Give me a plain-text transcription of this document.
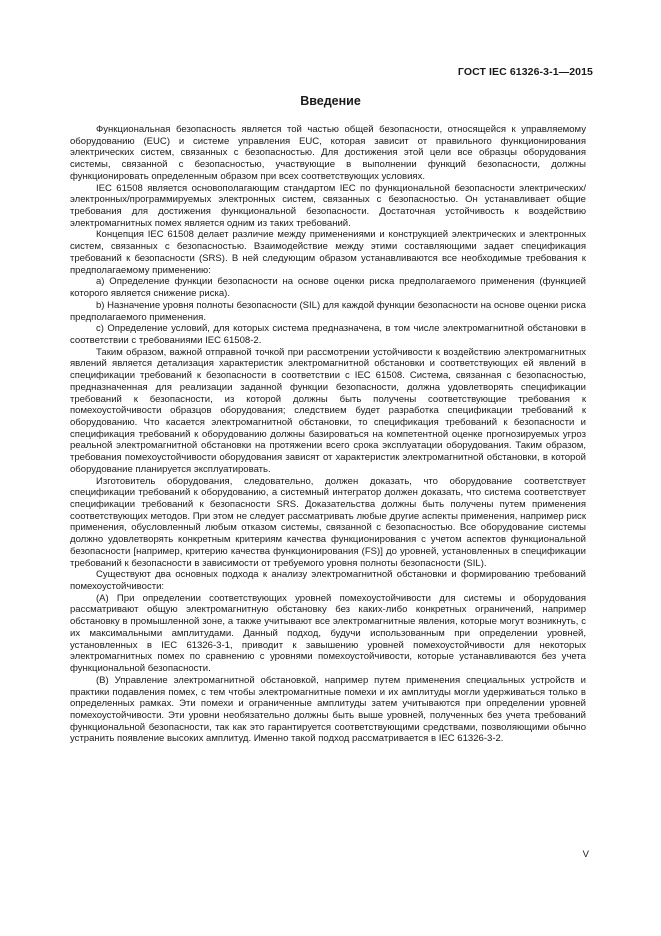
ГОСТ IEC 61326-3-1—2015
Введение

Функциональная безопасность является той частью общей безопасности, относящейся к управляемому оборудованию (EUC) и системе управления EUC, которая зависит от правильного функционирования электрических систем, связанных с безопасностью. Для достижения этой цели все образцы оборудования системы, связанной с безопасностью, участвующие в выполнении функций безопасности, должны функционировать определенным образом при всех соответствующих условиях.

IEC 61508 является основополагающим стандартом IEC по функциональной безопасности электрических/электронных/программируемых электронных систем, связанных с безопасностью. Он устанавливает общие требования для достижения функциональной безопасности. Достаточная устойчивость к воздействию электромагнитных помех является одним из таких требований.

Концепция IEC 61508 делает различие между применениями и конструкцией электрических и электронных систем, связанных с безопасностью. Взаимодействие между этими составляющими задает спецификация требований к безопасности (SRS). В ней следующим образом устанавливаются все необходимые требования к предполагаемому применению:

а) Определение функции безопасности на основе оценки риска предполагаемого применения (функцией которого является снижение риска).

b) Назначение уровня полноты безопасности (SIL) для каждой функции безопасности на основе оценки риска предполагаемого применения.

с) Определение условий, для которых система предназначена, в том числе электромагнитной обстановки в соответствии с требованиями IEC 61508-2.

Таким образом, важной отправной точкой при рассмотрении устойчивости к воздействию электромагнитных явлений является детализация характеристик электромагнитной обстановки и соответствующих ей явлений в спецификации требований к безопасности в соответствии с IEC 61508. Система, связанная с безопасностью, предназначенная для реализации заданной функции безопасности, должна удовлетворять спецификации требований к безопасности, из которой должны быть получены соответствующие требования к помехоустойчивости образцов оборудования; следствием будет разработка спецификации требований к оборудованию. Что касается электромагнитной обстановки, то спецификация требований к безопасности и спецификация требований к оборудованию должны базироваться на компетентной оценке прогнозируемых угроз реальной электромагнитной обстановки на протяжении всего срока эксплуатации оборудования. Таким образом, требования помехоустойчивости оборудования зависят от характеристик электромагнитной обстановки, в которой оборудование планируется эксплуатировать.

Изготовитель оборудования, следовательно, должен доказать, что оборудование соответствует спецификации требований к оборудованию, а системный интегратор должен доказать, что система соответствует спецификации требований к безопасности SRS. Доказательства должны быть получены путем применения соответствующих методов. При этом не следует рассматривать любые другие аспекты применения, например риск применения, обусловленный любым отказом системы, связанной с безопасностью. Все оборудование системы должно удовлетворять конкретным критериям качества функционирования с учетом аспектов функциональной безопасности [например, критерию качества функционирования (FS)] до уровней, установленных в спецификации требований к безопасности в зависимости от требуемого уровня полноты безопасности (SIL).

Существуют два основных подхода к анализу электромагнитной обстановки и формированию требований помехоустойчивости:

(А) При определении соответствующих уровней помехоустойчивости для системы и оборудования рассматривают общую электромагнитную обстановку без каких-либо конкретных ограничений, например обстановку в промышленной зоне, а также учитывают все электромагнитные явления, которые могут возникнуть, с их максимальными амплитудами. Данный подход, будучи использованным при определении уровней, установленных в IEC 61326-3-1, приводит к завышению уровней помехоустойчивости для некоторых электромагнитных помех по сравнению с уровнями помехоустойчивости, которые устанавливаются без учета функциональной безопасности.

(В) Управление электромагнитной обстановкой, например путем применения специальных устройств и практики подавления помех, с тем чтобы электромагнитные помехи и их амплитуды могли удерживаться только в определенных рамках. Эти помехи и ограниченные амплитуды затем учитываются при определении уровней помехоустойчивости. Эти уровни необязательно должны быть выше уровней, полученных без учета требований функциональной безопасности, так как это гарантируется соответствующими средствами, позволяющими обычно устранить появление высоких амплитуд. Именно такой подход рассматривается в IEC 61326-3-2.

V
